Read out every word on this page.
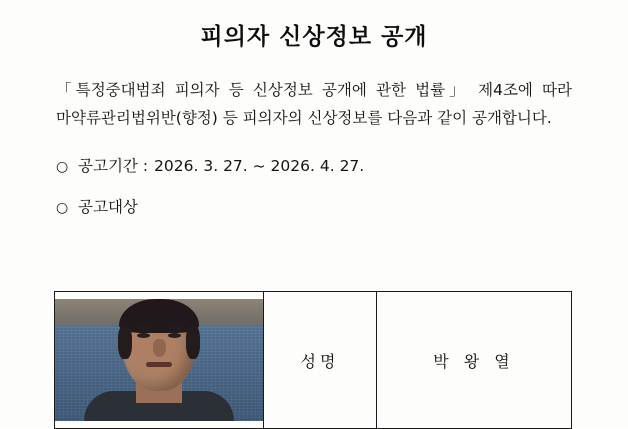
피의자 신상정보 공개
「특정중대범죄 피의자 등 신상정보 공개에 관한 법률」 제4조에 따라 마약류관리법위반(향정) 등 피의자의 신상정보를 다음과 같이 공개합니다.
○ 공고기간 : 2026. 3. 27. ~ 2026. 4. 27.
○ 공고대상
	성명	박 왕 열
